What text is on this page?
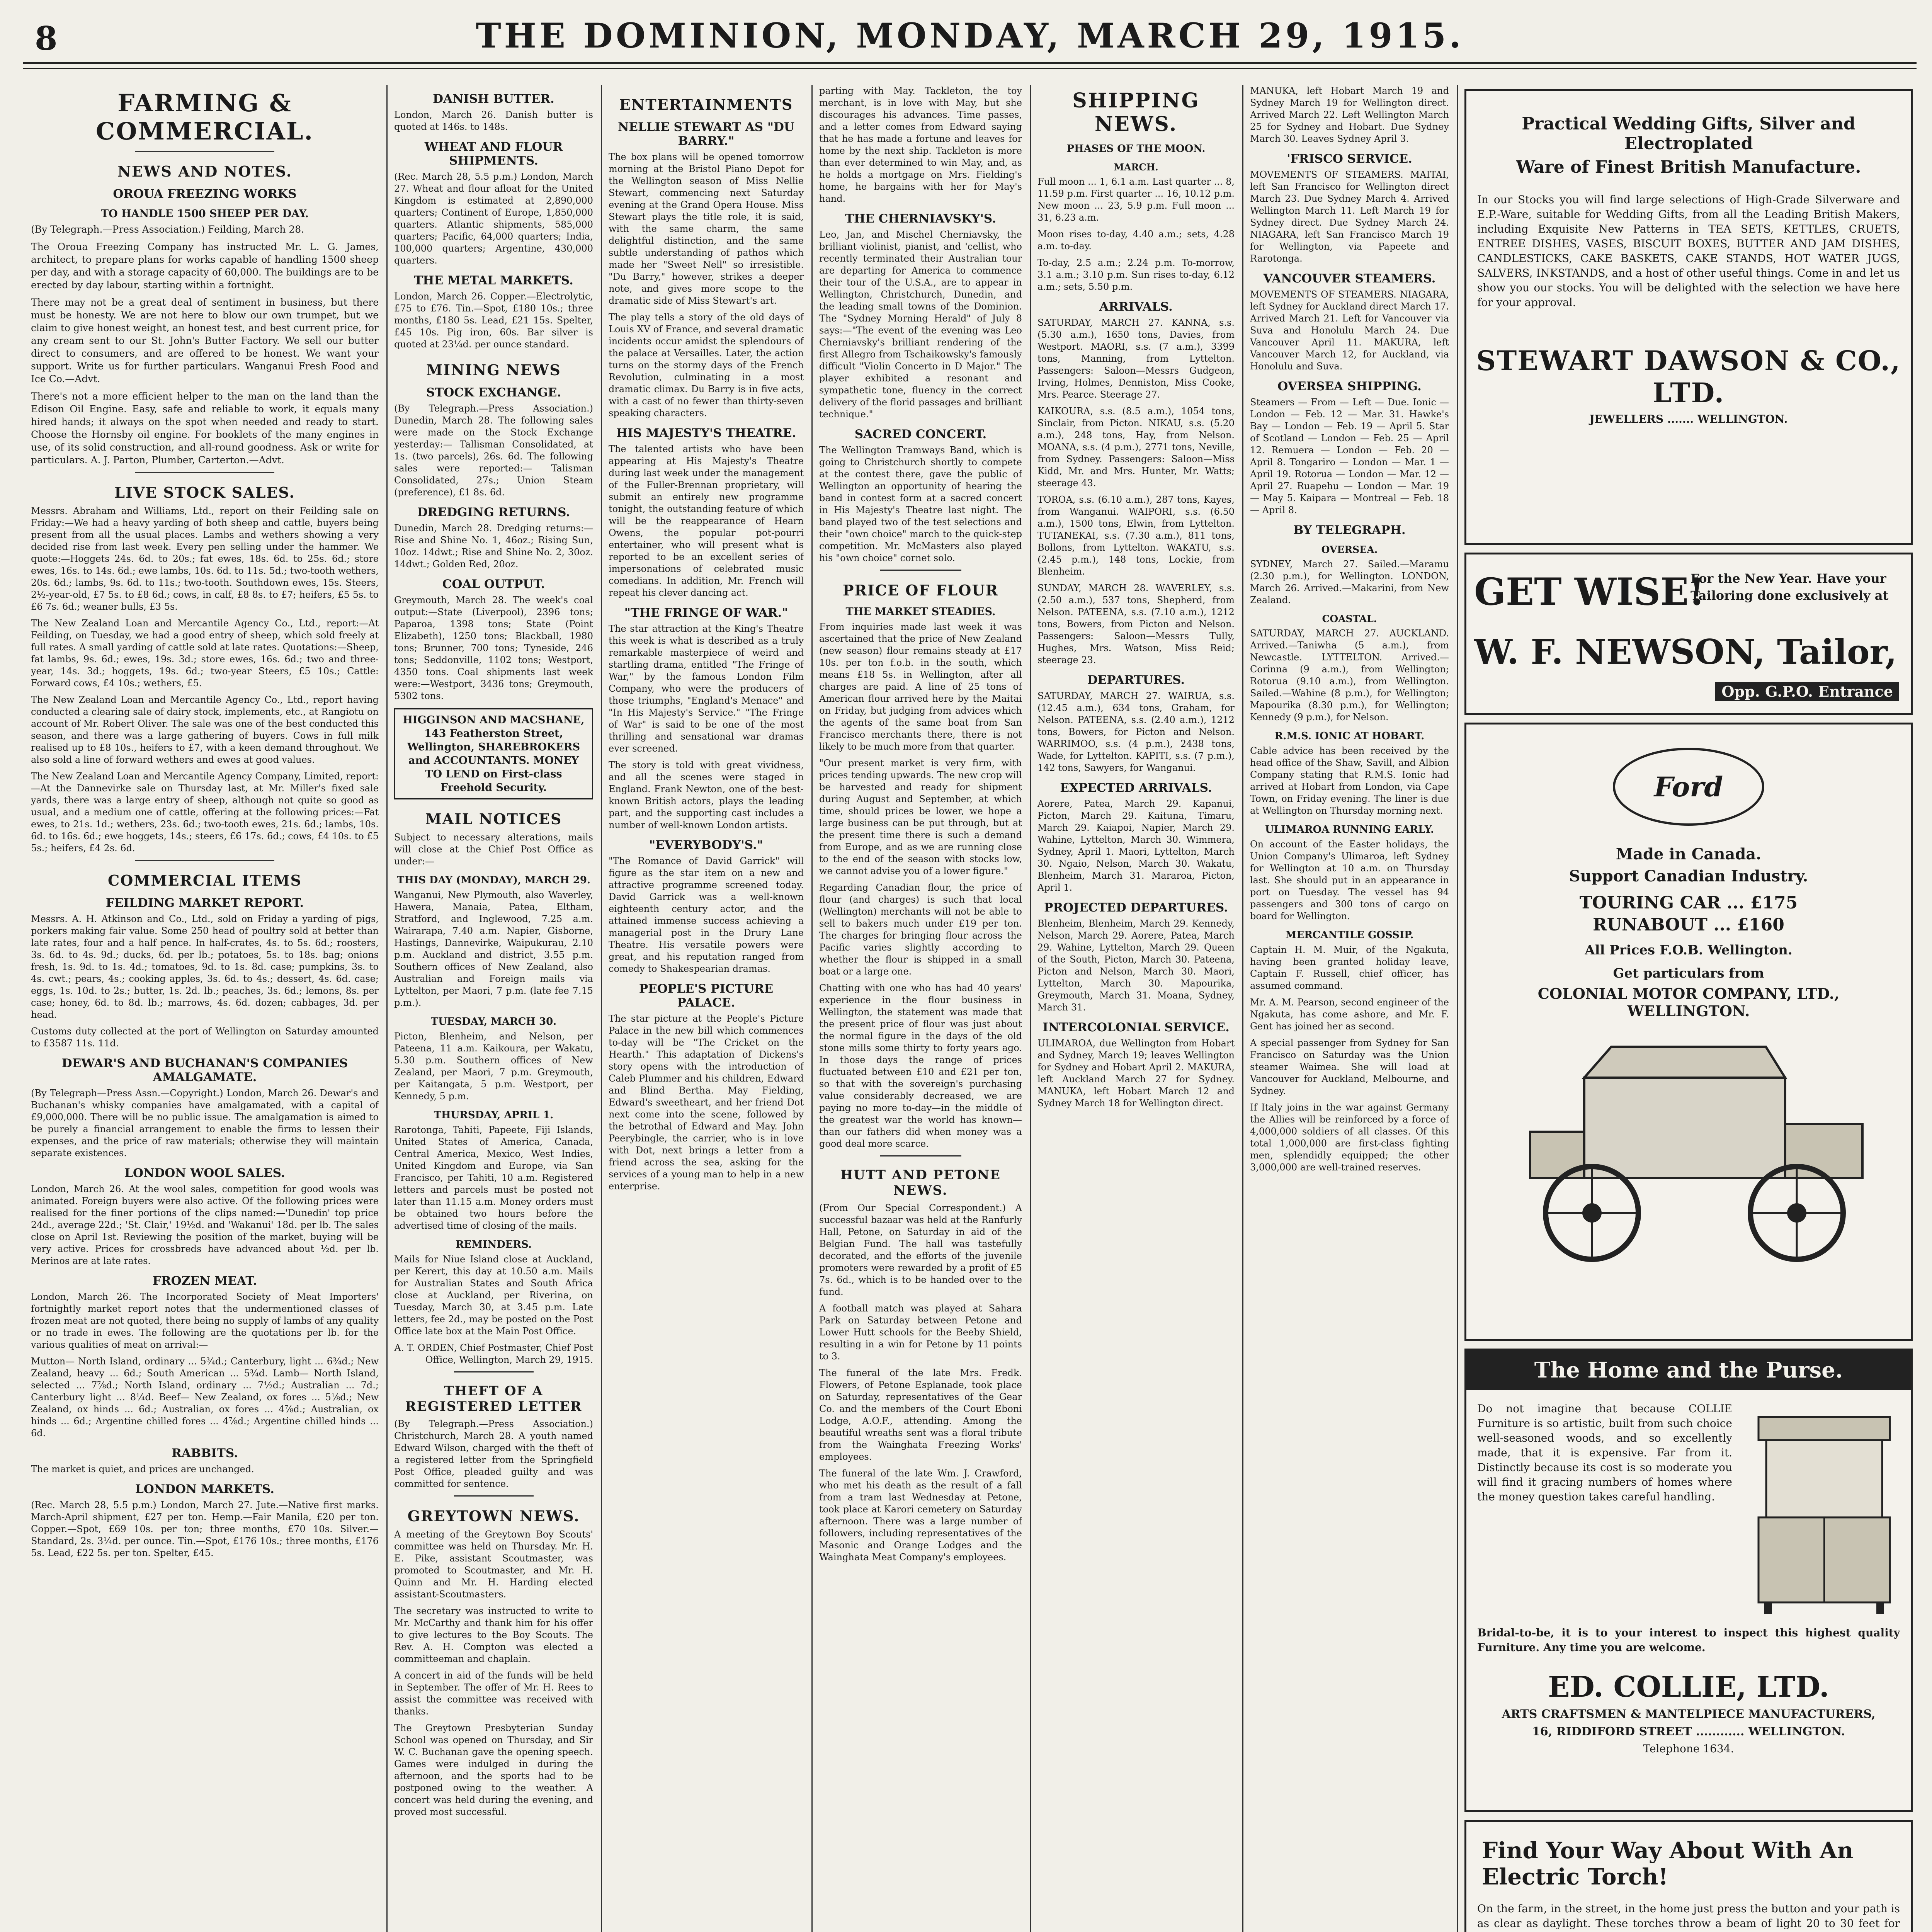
8	THE DOMINION, MONDAY, MARCH 29, 1915.
FARMING & COMMERCIAL.
NEWS AND NOTES.
OROUA FREEZING WORKS
TO HANDLE 1500 SHEEP PER DAY.

(By Telegraph.—Press Association.) Feilding, March 28.

The Oroua Freezing Company has instructed Mr. L. G. James, architect, to prepare plans for works capable of handling 1500 sheep per day, and with a storage capacity of 60,000. The buildings are to be erected by day labour, starting within a fortnight.

There may not be a great deal of sentiment in business, but there must be honesty. We are not here to blow our own trumpet, but we claim to give honest weight, an honest test, and best current price, for any cream sent to our St. John's Butter Factory. We sell our butter direct to consumers, and are offered to be honest. We want your support. Write us for further particulars. Wanganui Fresh Food and Ice Co.—Advt.

There's not a more efficient helper to the man on the land than the Edison Oil Engine. Easy, safe and reliable to work, it equals many hired hands; it always on the spot when needed and ready to start. Choose the Hornsby oil engine. For booklets of the many engines in use, of its solid construction, and all-round goodness. Ask or write for particulars. A. J. Parton, Plumber, Carterton.—Advt.

LIVE STOCK SALES.

Messrs. Abraham and Williams, Ltd., report on their Feilding sale on Friday:—We had a heavy yarding of both sheep and cattle, buyers being present from all the usual places. Lambs and wethers showing a very decided rise from last week. Every pen selling under the hammer. We quote:—Hoggets 24s. 6d. to 20s.; fat ewes, 18s. 6d. to 25s. 6d.; store ewes, 16s. to 14s. 6d.; ewe lambs, 10s. 6d. to 11s. 5d.; two-tooth wethers, 20s. 6d.; lambs, 9s. 6d. to 11s.; two-tooth. Southdown ewes, 15s. Steers, 2½-year-old, £7 5s. to £8 6d.; cows, in calf, £8 8s. to £7; heifers, £5 5s. to £6 7s. 6d.; weaner bulls, £3 5s.

The New Zealand Loan and Mercantile Agency Co., Ltd., report:—At Feilding, on Tuesday, we had a good entry of sheep, which sold freely at full rates. A small yarding of cattle sold at late rates. Quotations:—Sheep, fat lambs, 9s. 6d.; ewes, 19s. 3d.; store ewes, 16s. 6d.; two and three-year, 14s. 3d.; hoggets, 19s. 6d.; two-year Steers, £5 10s.; Cattle: Forward cows, £4 10s.; wethers, £5.

The New Zealand Loan and Mercantile Agency Co., Ltd., report having conducted a clearing sale of dairy stock, implements, etc., at Rangiotu on account of Mr. Robert Oliver. The sale was one of the best conducted this season, and there was a large gathering of buyers. Cows in full milk realised up to £8 10s., heifers to £7, with a keen demand throughout. We also sold a line of forward wethers and ewes at good values.

The New Zealand Loan and Mercantile Agency Company, Limited, report:—At the Dannevirke sale on Thursday last, at Mr. Miller's fixed sale yards, there was a large entry of sheep, although not quite so good as usual, and a medium one of cattle, offering at the following prices:—Fat ewes, to 21s. 1d.; wethers, 23s. 6d.; two-tooth ewes, 21s. 6d.; lambs, 10s. 6d. to 16s. 6d.; ewe hoggets, 14s.; steers, £6 17s. 6d.; cows, £4 10s. to £5 5s.; heifers, £4 2s. 6d.

COMMERCIAL ITEMS
FEILDING MARKET REPORT.

Messrs. A. H. Atkinson and Co., Ltd., sold on Friday a yarding of pigs, porkers making fair value. Some 250 head of poultry sold at better than late rates, four and a half pence. In half-crates, 4s. to 5s. 6d.; roosters, 3s. 6d. to 4s. 9d.; ducks, 6d. per lb.; potatoes, 5s. to 18s. bag; onions fresh, 1s. 9d. to 1s. 4d.; tomatoes, 9d. to 1s. 8d. case; pumpkins, 3s. to 4s. cwt.; pears, 4s.; cooking apples, 3s. 6d. to 4s.; dessert, 4s. 6d. case; eggs, 1s. 10d. to 2s.; butter, 1s. 2d. lb.; peaches, 3s. 6d.; lemons, 8s. per case; honey, 6d. to 8d. lb.; marrows, 4s. 6d. dozen; cabbages, 3d. per head.

Customs duty collected at the port of Wellington on Saturday amounted to £3587 11s. 11d.

DEWAR'S AND BUCHANAN'S COMPANIES AMALGAMATE.

(By Telegraph—Press Assn.—Copyright.) London, March 26. Dewar's and Buchanan's whisky companies have amalgamated, with a capital of £9,000,000. There will be no public issue. The amalgamation is aimed to be purely a financial arrangement to enable the firms to lessen their expenses, and the price of raw materials; otherwise they will maintain separate existences.

LONDON WOOL SALES.

London, March 26. At the wool sales, competition for good wools was animated. Foreign buyers were also active. Of the following prices were realised for the finer portions of the clips named:—'Dunedin' top price 24d., average 22d.; 'St. Clair,' 19½d. and 'Wakanui' 18d. per lb. The sales close on April 1st. Reviewing the position of the market, buying will be very active. Prices for crossbreds have advanced about ½d. per lb. Merinos are at late rates.

FROZEN MEAT.

London, March 26. The Incorporated Society of Meat Importers' fortnightly market report notes that the undermentioned classes of frozen meat are not quoted, there being no supply of lambs of any quality or no trade in ewes. The following are the quotations per lb. for the various qualities of meat on arrival:—

Mutton— North Island, ordinary ... 5¾d.; Canterbury, light ... 6¾d.; New Zealand, heavy ... 6d.; South American ... 5¾d. Lamb— North Island, selected ... 7⅞d.; North Island, ordinary ... 7½d.; Australian ... 7d.; Canterbury light ... 8¼d. Beef— New Zealand, ox fores ... 5⅛d.; New Zealand, ox hinds ... 6d.; Australian, ox fores ... 4⅞d.; Australian, ox hinds ... 6d.; Argentine chilled fores ... 4⅞d.; Argentine chilled hinds ... 6d.

RABBITS.

The market is quiet, and prices are unchanged.

LONDON MARKETS.

(Rec. March 28, 5.5 p.m.) London, March 27. Jute.—Native first marks. March-April shipment, £27 per ton. Hemp.—Fair Manila, £20 per ton. Copper.—Spot, £69 10s. per ton; three months, £70 10s. Silver.—Standard, 2s. 3¼d. per ounce. Tin.—Spot, £176 10s.; three months, £176 5s. Lead, £22 5s. per ton. Spelter, £45.

DANISH BUTTER.

London, March 26. Danish butter is quoted at 146s. to 148s.

WHEAT AND FLOUR SHIPMENTS.

(Rec. March 28, 5.5 p.m.) London, March 27. Wheat and flour afloat for the United Kingdom is estimated at 2,890,000 quarters; Continent of Europe, 1,850,000 quarters. Atlantic shipments, 585,000 quarters; Pacific, 64,000 quarters; India, 100,000 quarters; Argentine, 430,000 quarters.

THE METAL MARKETS.

London, March 26. Copper.—Electrolytic, £75 to £76. Tin.—Spot, £180 10s.; three months, £180 5s. Lead, £21 15s. Spelter, £45 10s. Pig iron, 60s. Bar silver is quoted at 23¼d. per ounce standard.

MINING NEWS
STOCK EXCHANGE.

(By Telegraph.—Press Association.) Dunedin, March 28. The following sales were made on the Stock Exchange yesterday:— Tallisman Consolidated, at 1s. (two parcels), 26s. 6d. The following sales were reported:— Talisman Consolidated, 27s.; Union Steam (preference), £1 8s. 6d.

DREDGING RETURNS.

Dunedin, March 28. Dredging returns:—Rise and Shine No. 1, 46oz.; Rising Sun, 10oz. 14dwt.; Rise and Shine No. 2, 30oz. 14dwt.; Golden Red, 20oz.

COAL OUTPUT.

Greymouth, March 28. The week's coal output:—State (Liverpool), 2396 tons; Paparoa, 1398 tons; State (Point Elizabeth), 1250 tons; Blackball, 1980 tons; Brunner, 700 tons; Tyneside, 246 tons; Seddonville, 1102 tons; Westport, 4350 tons. Coal shipments last week were:—Westport, 3436 tons; Greymouth, 5302 tons.

HIGGINSON AND MACSHANE, 143 Featherston Street, Wellington, SHAREBROKERS and ACCOUNTANTS. MONEY TO LEND on First-class Freehold Security.
MAIL NOTICES

Subject to necessary alterations, mails will close at the Chief Post Office as under:—

THIS DAY (MONDAY), MARCH 29.

Wanganui, New Plymouth, also Waverley, Hawera, Manaia, Patea, Eltham, Stratford, and Inglewood, 7.25 a.m. Wairarapa, 7.40 a.m. Napier, Gisborne, Hastings, Dannevirke, Waipukurau, 2.10 p.m. Auckland and district, 3.55 p.m. Southern offices of New Zealand, also Australian and Foreign mails via Lyttelton, per Maori, 7 p.m. (late fee 7.15 p.m.).

TUESDAY, MARCH 30.

Picton, Blenheim, and Nelson, per Pateena, 11 a.m. Kaikoura, per Wakatu, 5.30 p.m. Southern offices of New Zealand, per Maori, 7 p.m. Greymouth, per Kaitangata, 5 p.m. Westport, per Kennedy, 5 p.m.

THURSDAY, APRIL 1.

Rarotonga, Tahiti, Papeete, Fiji Islands, United States of America, Canada, Central America, Mexico, West Indies, United Kingdom and Europe, via San Francisco, per Tahiti, 10 a.m. Registered letters and parcels must be posted not later than 11.15 a.m. Money orders must be obtained two hours before the advertised time of closing of the mails.

REMINDERS.

Mails for Niue Island close at Auckland, per Kerert, this day at 10.50 a.m. Mails for Australian States and South Africa close at Auckland, per Riverina, on Tuesday, March 30, at 3.45 p.m. Late letters, fee 2d., may be posted on the Post Office late box at the Main Post Office.

A. T. ORDEN, Chief Postmaster, Chief Post Office, Wellington, March 29, 1915.

THEFT OF A REGISTERED LETTER

(By Telegraph.—Press Association.) Christchurch, March 28. A youth named Edward Wilson, charged with the theft of a registered letter from the Springfield Post Office, pleaded guilty and was committed for sentence.

GREYTOWN NEWS.

A meeting of the Greytown Boy Scouts' committee was held on Thursday. Mr. H. E. Pike, assistant Scoutmaster, was promoted to Scoutmaster, and Mr. H. Quinn and Mr. H. Harding elected assistant-Scoutmasters.

The secretary was instructed to write to Mr. McCarthy and thank him for his offer to give lectures to the Boy Scouts. The Rev. A. H. Compton was elected a committeeman and chaplain.

A concert in aid of the funds will be held in September. The offer of Mr. H. Rees to assist the committee was received with thanks.

The Greytown Presbyterian Sunday School was opened on Thursday, and Sir W. C. Buchanan gave the opening speech. Games were indulged in during the afternoon, and the sports had to be postponed owing to the weather. A concert was held during the evening, and proved most successful.

ENTERTAINMENTS
NELLIE STEWART AS "DU BARRY."

The box plans will be opened tomorrow morning at the Bristol Piano Depot for the Wellington season of Miss Nellie Stewart, commencing next Saturday evening at the Grand Opera House. Miss Stewart plays the title role, it is said, with the same charm, the same delightful distinction, and the same subtle understanding of pathos which made her "Sweet Nell" so irresistible. "Du Barry," however, strikes a deeper note, and gives more scope to the dramatic side of Miss Stewart's art.

The play tells a story of the old days of Louis XV of France, and several dramatic incidents occur amidst the splendours of the palace at Versailles. Later, the action turns on the stormy days of the French Revolution, culminating in a most dramatic climax. Du Barry is in five acts, with a cast of no fewer than thirty-seven speaking characters.

HIS MAJESTY'S THEATRE.

The talented artists who have been appearing at His Majesty's Theatre during last week under the management of the Fuller-Brennan proprietary, will submit an entirely new programme tonight, the outstanding feature of which will be the reappearance of Hearn Owens, the popular pot-pourri entertainer, who will present what is reported to be an excellent series of impersonations of celebrated music comedians. In addition, Mr. French will repeat his clever dancing act.

"THE FRINGE OF WAR."

The star attraction at the King's Theatre this week is what is described as a truly remarkable masterpiece of weird and startling drama, entitled "The Fringe of War," by the famous London Film Company, who were the producers of those triumphs, "England's Menace" and "In His Majesty's Service." "The Fringe of War" is said to be one of the most thrilling and sensational war dramas ever screened.

The story is told with great vividness, and all the scenes were staged in England. Frank Newton, one of the best-known British actors, plays the leading part, and the supporting cast includes a number of well-known London artists.

"EVERYBODY'S."

"The Romance of David Garrick" will figure as the star item on a new and attractive programme screened today. David Garrick was a well-known eighteenth century actor, and the attained immense success achieving a managerial post in the Drury Lane Theatre. His versatile powers were great, and his reputation ranged from comedy to Shakespearian dramas.

PEOPLE'S PICTURE PALACE.

The star picture at the People's Picture Palace in the new bill which commences to-day will be "The Cricket on the Hearth." This adaptation of Dickens's story opens with the introduction of Caleb Plummer and his children, Edward and Blind Bertha. May Fielding, Edward's sweetheart, and her friend Dot next come into the scene, followed by the betrothal of Edward and May. John Peerybingle, the carrier, who is in love with Dot, next brings a letter from a friend across the sea, asking for the services of a young man to help in a new enterprise.

parting with May. Tackleton, the toy merchant, is in love with May, but she discourages his advances. Time passes, and a letter comes from Edward saying that he has made a fortune and leaves for home by the next ship. Tackleton is more than ever determined to win May, and, as he holds a mortgage on Mrs. Fielding's home, he bargains with her for May's hand.

THE CHERNIAVSKY'S.

Leo, Jan, and Mischel Cherniavsky, the brilliant violinist, pianist, and 'cellist, who recently terminated their Australian tour are departing for America to commence their tour of the U.S.A., are to appear in Wellington, Christchurch, Dunedin, and the leading small towns of the Dominion. The "Sydney Morning Herald" of July 8 says:—"The event of the evening was Leo Cherniavsky's brilliant rendering of the first Allegro from Tschaikowsky's famously difficult "Violin Concerto in D Major." The player exhibited a resonant and sympathetic tone, fluency in the correct delivery of the florid passages and brilliant technique."

SACRED CONCERT.

The Wellington Tramways Band, which is going to Christchurch shortly to compete at the contest there, gave the public of Wellington an opportunity of hearing the band in contest form at a sacred concert in His Majesty's Theatre last night. The band played two of the test selections and their "own choice" march to the quick-step competition. Mr. McMasters also played his "own choice" cornet solo.

PRICE OF FLOUR
THE MARKET STEADIES.

From inquiries made last week it was ascertained that the price of New Zealand (new season) flour remains steady at £17 10s. per ton f.o.b. in the south, which means £18 5s. in Wellington, after all charges are paid. A line of 25 tons of American flour arrived here by the Maitai on Friday, but judging from advices which the agents of the same boat from San Francisco merchants there, there is not likely to be much more from that quarter.

"Our present market is very firm, with prices tending upwards. The new crop will be harvested and ready for shipment during August and September, at which time, should prices be lower, we hope a large business can be put through, but at the present time there is such a demand from Europe, and as we are running close to the end of the season with stocks low, we cannot advise you of a lower figure."

Regarding Canadian flour, the price of flour (and charges) is such that local (Wellington) merchants will not be able to sell to bakers much under £19 per ton. The charges for bringing flour across the Pacific varies slightly according to whether the flour is shipped in a small boat or a large one.

Chatting with one who has had 40 years' experience in the flour business in Wellington, the statement was made that the present price of flour was just about the normal figure in the days of the old stone mills some thirty to forty years ago. In those days the range of prices fluctuated between £10 and £21 per ton, so that with the sovereign's purchasing value considerably decreased, we are paying no more to-day—in the middle of the greatest war the world has known—than our fathers did when money was a good deal more scarce.

HUTT AND PETONE NEWS.

(From Our Special Correspondent.) A successful bazaar was held at the Ranfurly Hall, Petone, on Saturday in aid of the Belgian Fund. The hall was tastefully decorated, and the efforts of the juvenile promoters were rewarded by a profit of £5 7s. 6d., which is to be handed over to the fund.

A football match was played at Sahara Park on Saturday between Petone and Lower Hutt schools for the Beeby Shield, resulting in a win for Petone by 11 points to 3.

The funeral of the late Mrs. Fredk. Flowers, of Petone Esplanade, took place on Saturday, representatives of the Gear Co. and the members of the Court Eboni Lodge, A.O.F., attending. Among the beautiful wreaths sent was a floral tribute from the Wainghata Freezing Works' employees.

The funeral of the late Wm. J. Crawford, who met his death as the result of a fall from a tram last Wednesday at Petone, took place at Karori cemetery on Saturday afternoon. There was a large number of followers, including representatives of the Masonic and Orange Lodges and the Wainghata Meat Company's employees.

SHIPPING NEWS.
PHASES OF THE MOON.
MARCH.

Full moon ... 1, 6.1 a.m. Last quarter ... 8, 11.59 p.m. First quarter ... 16, 10.12 p.m. New moon ... 23, 5.9 p.m. Full moon ... 31, 6.23 a.m.

Moon rises to-day, 4.40 a.m.; sets, 4.28 a.m. to-day.

To-day, 2.5 a.m.; 2.24 p.m. To-morrow, 3.1 a.m.; 3.10 p.m. Sun rises to-day, 6.12 a.m.; sets, 5.50 p.m.

ARRIVALS.

SATURDAY, MARCH 27. KANNA, s.s. (5.30 a.m.), 1650 tons, Davies, from Westport. MAORI, s.s. (7 a.m.), 3399 tons, Manning, from Lyttelton. Passengers: Saloon—Messrs Gudgeon, Irving, Holmes, Denniston, Miss Cooke, Mrs. Pearce. Steerage 27.

KAIKOURA, s.s. (8.5 a.m.), 1054 tons, Sinclair, from Picton. NIKAU, s.s. (5.20 a.m.), 248 tons, Hay, from Nelson. MOANA, s.s. (4 p.m.), 2771 tons, Neville, from Sydney. Passengers: Saloon—Miss Kidd, Mr. and Mrs. Hunter, Mr. Watts; steerage 43.

TOROA, s.s. (6.10 a.m.), 287 tons, Kayes, from Wanganui. WAIPORI, s.s. (6.50 a.m.), 1500 tons, Elwin, from Lyttelton. TUTANEKAI, s.s. (7.30 a.m.), 811 tons, Bollons, from Lyttelton. WAKATU, s.s. (2.45 p.m.), 148 tons, Lockie, from Blenheim.

SUNDAY, MARCH 28. WAVERLEY, s.s. (2.50 a.m.), 537 tons, Shepherd, from Nelson. PATEENA, s.s. (7.10 a.m.), 1212 tons, Bowers, from Picton and Nelson. Passengers: Saloon—Messrs Tully, Hughes, Mrs. Watson, Miss Reid; steerage 23.

DEPARTURES.

SATURDAY, MARCH 27. WAIRUA, s.s. (12.45 a.m.), 634 tons, Graham, for Nelson. PATEENA, s.s. (2.40 a.m.), 1212 tons, Bowers, for Picton and Nelson. WARRIMOO, s.s. (4 p.m.), 2438 tons, Wade, for Lyttelton. KAPITI, s.s. (7 p.m.), 142 tons, Sawyers, for Wanganui.

EXPECTED ARRIVALS.

Aorere, Patea, March 29. Kapanui, Picton, March 29. Kaituna, Timaru, March 29. Kaiapoi, Napier, March 29. Wahine, Lyttelton, March 30. Wimmera, Sydney, April 1. Maori, Lyttelton, March 30. Ngaio, Nelson, March 30. Wakatu, Blenheim, March 31. Mararoa, Picton, April 1.

PROJECTED DEPARTURES.

Blenheim, Blenheim, March 29. Kennedy, Nelson, March 29. Aorere, Patea, March 29. Wahine, Lyttelton, March 29. Queen of the South, Picton, March 30. Pateena, Picton and Nelson, March 30. Maori, Lyttelton, March 30. Mapourika, Greymouth, March 31. Moana, Sydney, March 31.

INTERCOLONIAL SERVICE.

ULIMAROA, due Wellington from Hobart and Sydney, March 19; leaves Wellington for Sydney and Hobart April 2. MAKURA, left Auckland March 27 for Sydney. MANUKA, left Hobart March 12 and Sydney March 18 for Wellington direct.

MANUKA, left Hobart March 19 and Sydney March 19 for Wellington direct. Arrived March 22. Left Wellington March 25 for Sydney and Hobart. Due Sydney March 30. Leaves Sydney April 3.

'FRISCO SERVICE.

MOVEMENTS OF STEAMERS. MAITAI, left San Francisco for Wellington direct March 23. Due Sydney March 4. Arrived Wellington March 11. Left March 19 for Sydney direct. Due Sydney March 24. NIAGARA, left San Francisco March 19 for Wellington, via Papeete and Rarotonga.

VANCOUVER STEAMERS.

MOVEMENTS OF STEAMERS. NIAGARA, left Sydney for Auckland direct March 17. Arrived March 21. Left for Vancouver via Suva and Honolulu March 24. Due Vancouver April 11. MAKURA, left Vancouver March 12, for Auckland, via Honolulu and Suva.

OVERSEA SHIPPING.

Steamers — From — Left — Due. Ionic — London — Feb. 12 — Mar. 31. Hawke's Bay — London — Feb. 19 — April 5. Star of Scotland — London — Feb. 25 — April 12. Remuera — London — Feb. 20 — April 8. Tongariro — London — Mar. 1 — April 19. Rotorua — London — Mar. 12 — April 27. Ruapehu — London — Mar. 19 — May 5. Kaipara — Montreal — Feb. 18 — April 8.

BY TELEGRAPH.
OVERSEA.

SYDNEY, March 27. Sailed.—Maramu (2.30 p.m.), for Wellington. LONDON, March 26. Arrived.—Makarini, from New Zealand.

COASTAL.

SATURDAY, MARCH 27. AUCKLAND. Arrived.—Taniwha (5 a.m.), from Newcastle. LYTTELTON. Arrived.—Corinna (9 a.m.), from Wellington; Rotorua (9.10 a.m.), from Wellington. Sailed.—Wahine (8 p.m.), for Wellington; Mapourika (8.30 p.m.), for Wellington; Kennedy (9 p.m.), for Nelson.

R.M.S. IONIC AT HOBART.

Cable advice has been received by the head office of the Shaw, Savill, and Albion Company stating that R.M.S. Ionic had arrived at Hobart from London, via Cape Town, on Friday evening. The liner is due at Wellington on Thursday morning next.

ULIMAROA RUNNING EARLY.

On account of the Easter holidays, the Union Company's Ulimaroa, left Sydney for Wellington at 10 a.m. on Thursday last. She should put in an appearance in port on Tuesday. The vessel has 94 passengers and 300 tons of cargo on board for Wellington.

MERCANTILE GOSSIP.

Captain H. M. Muir, of the Ngakuta, having been granted holiday leave, Captain F. Russell, chief officer, has assumed command.

Mr. A. M. Pearson, second engineer of the Ngakuta, has come ashore, and Mr. F. Gent has joined her as second.

A special passenger from Sydney for San Francisco on Saturday was the Union steamer Waimea. She will load at Vancouver for Auckland, Melbourne, and Sydney.

If Italy joins in the war against Germany the Allies will be reinforced by a force of 4,000,000 soldiers of all classes. Of this total 1,000,000 are first-class fighting men, splendidly equipped; the other 3,000,000 are well-trained reserves.

Practical Wedding Gifts, Silver and Electroplated
Ware of Finest British Manufacture.
In our Stocks you will find large selections of High-Grade Silverware and E.P.-Ware, suitable for Wedding Gifts, from all the Leading British Makers, including Exquisite New Patterns in TEA SETS, KETTLES, CRUETS, ENTREE DISHES, VASES, BISCUIT BOXES, BUTTER AND JAM DISHES, CANDLESTICKS, CAKE BASKETS, CAKE STANDS, HOT WATER JUGS, SALVERS, INKSTANDS, and a host of other useful things. Come in and let us show you our stocks. You will be delighted with the selection we have here for your approval.
STEWART DAWSON & CO., LTD.
JEWELLERS ....... WELLINGTON.
GET WISE!
For the New Year. Have your Tailoring done exclusively at
W. F. NEWSON, Tailor,
Opp. G.P.O. Entrance
Ford
Made in Canada.
Support Canadian Industry.
TOURING CAR ... £175
RUNABOUT ... £160
All Prices F.O.B. Wellington.
Get particulars from
COLONIAL MOTOR COMPANY, LTD., WELLINGTON.
The Home and the Purse.
Do not imagine that because COLLIE Furniture is so artistic, built from such choice well-seasoned woods, and so excellently made, that it is expensive. Far from it. Distinctly because its cost is so moderate you will find it gracing numbers of homes where the money question takes careful handling.
Bridal-to-be, it is to your interest to inspect this highest quality Furniture. Any time you are welcome.
ED. COLLIE, LTD.
ARTS CRAFTSMEN & MANTELPIECE MANUFACTURERS,
16, RIDDIFORD STREET ............ WELLINGTON.
Telephone 1634.
Find Your Way About With An Electric Torch!
On the farm, in the street, in the home just press the button and your path is as clear as daylight. These torches throw a beam of light 20 to 30 feet for
